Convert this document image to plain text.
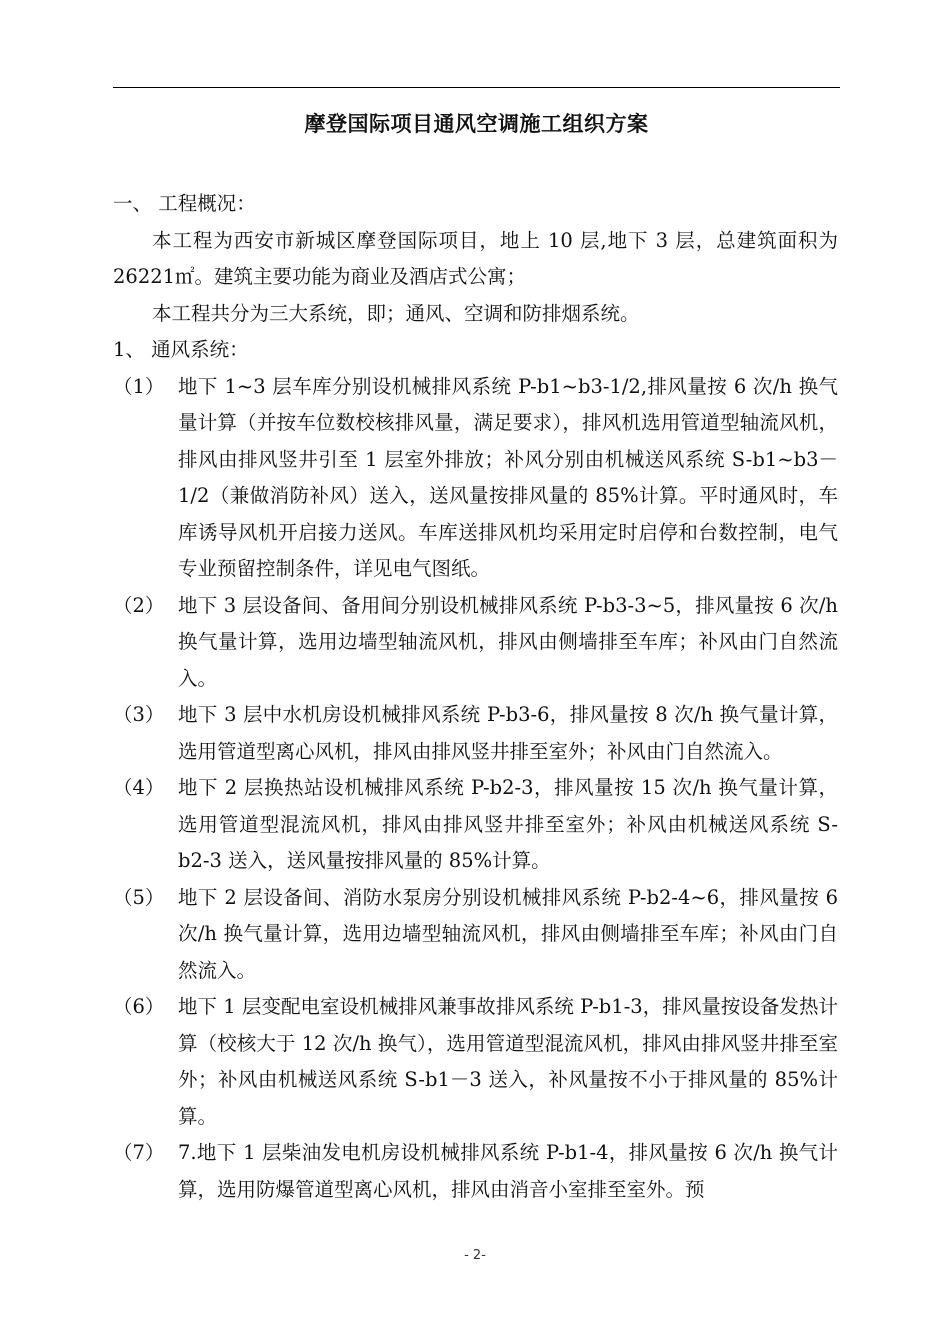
摩登国际项目通风空调施工组织方案

一、 工程概况：

本工程为西安市新城区摩登国际项目，地上 10 层,地下 3 层，总建筑面积为 26221㎡。建筑主要功能为商业及酒店式公寓；

本工程共分为三大系统，即；通风、空调和防排烟系统。

1、 通风系统：

（1） 地下 1~3 层车库分别设机械排风系统 P-b1~b3-1/2,排风量按 6 次/h 换气量计算（并按车位数校核排风量，满足要求），排风机选用管道型轴流风机，排风由排风竖井引至 1 层室外排放；补风分别由机械送风系统 S-b1~b3－1/2（兼做消防补风）送入，送风量按排风量的 85%计算。平时通风时，车库诱导风机开启接力送风。车库送排风机均采用定时启停和台数控制，电气专业预留控制条件，详见电气图纸。
（2） 地下 3 层设备间、备用间分别设机械排风系统 P-b3-3~5，排风量按 6 次/h 换气量计算，选用边墙型轴流风机，排风由侧墙排至车库；补风由门自然流入。
（3） 地下 3 层中水机房设机械排风系统 P-b3-6，排风量按 8 次/h 换气量计算，选用管道型离心风机，排风由排风竖井排至室外；补风由门自然流入。
（4） 地下 2 层换热站设机械排风系统 P-b2-3，排风量按 15 次/h 换气量计算，选用管道型混流风机，排风由排风竖井排至室外；补风由机械送风系统 S-b2-3 送入，送风量按排风量的 85%计算。
（5） 地下 2 层设备间、消防水泵房分别设机械排风系统 P-b2-4~6，排风量按 6 次/h 换气量计算，选用边墙型轴流风机，排风由侧墙排至车库；补风由门自然流入。
（6） 地下 1 层变配电室设机械排风兼事故排风系统 P-b1-3，排风量按设备发热计算（校核大于 12 次/h 换气），选用管道型混流风机，排风由排风竖井排至室外；补风由机械送风系统 S-b1－3 送入，补风量按不小于排风量的 85%计算。
（7） 7.地下 1 层柴油发电机房设机械排风系统 P-b1-4，排风量按 6 次/h 换气计算，选用防爆管道型离心风机，排风由消音小室排至室外。预
- 2-
